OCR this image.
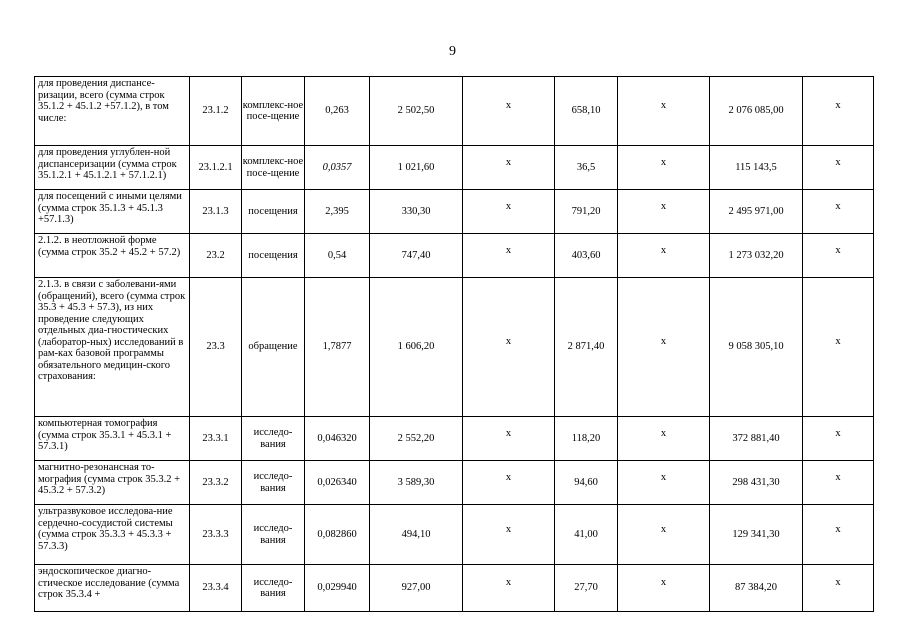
9
для проведения диспансе-ризации, всего (сумма строк 35.1.2 + 45.1.2 +57.1.2), в том числе:	23.1.2	комплекс-ное посе-щение	0,263	2 502,50	х	658,10	х	2 076 085,00	х
для проведения углублен-ной диспансеризации (сумма строк 35.1.2.1 + 45.1.2.1 + 57.1.2.1)	23.1.2.1	комплекс-ное посе-щение	0,0357	1 021,60	х	36,5	х	115 143,5	х
для посещений с иными целями (сумма строк 35.1.3 + 45.1.3 +57.1.3)	23.1.3	посещения	2,395	330,30	х	791,20	х	2 495 971,00	х
2.1.2. в неотложной форме (сумма строк 35.2 + 45.2 + 57.2)	23.2	посещения	0,54	747,40	х	403,60	х	1 273 032,20	х
2.1.3. в связи с заболевани-ями (обращений), всего (сумма строк 35.3 + 45.3 + 57.3), из них проведение следующих отдельных диа-гностических (лаборатор-ных) исследований в рам-ках базовой программы обязательного медицин-ского страхования:	23.3	обращение	1,7877	1 606,20	х	2 871,40	х	9 058 305,10	х
компьютерная томография (сумма строк 35.3.1 + 45.3.1 + 57.3.1)	23.3.1	исследо-вания	0,046320	2 552,20	х	118,20	х	372 881,40	х
магнитно-резонансная то-мография (сумма строк 35.3.2 + 45.3.2 + 57.3.2)	23.3.2	исследо-вания	0,026340	3 589,30	х	94,60	х	298 431,30	х
ультразвуковое исследова-ние сердечно-сосудистой системы (сумма строк 35.3.3 + 45.3.3 + 57.3.3)	23.3.3	исследо-вания	0,082860	494,10	х	41,00	х	129 341,30	х
эндоскопическое диагно-стическое исследование (сумма строк 35.3.4 +	23.3.4	исследо-вания	0,029940	927,00	х	27,70	х	87 384,20	х
